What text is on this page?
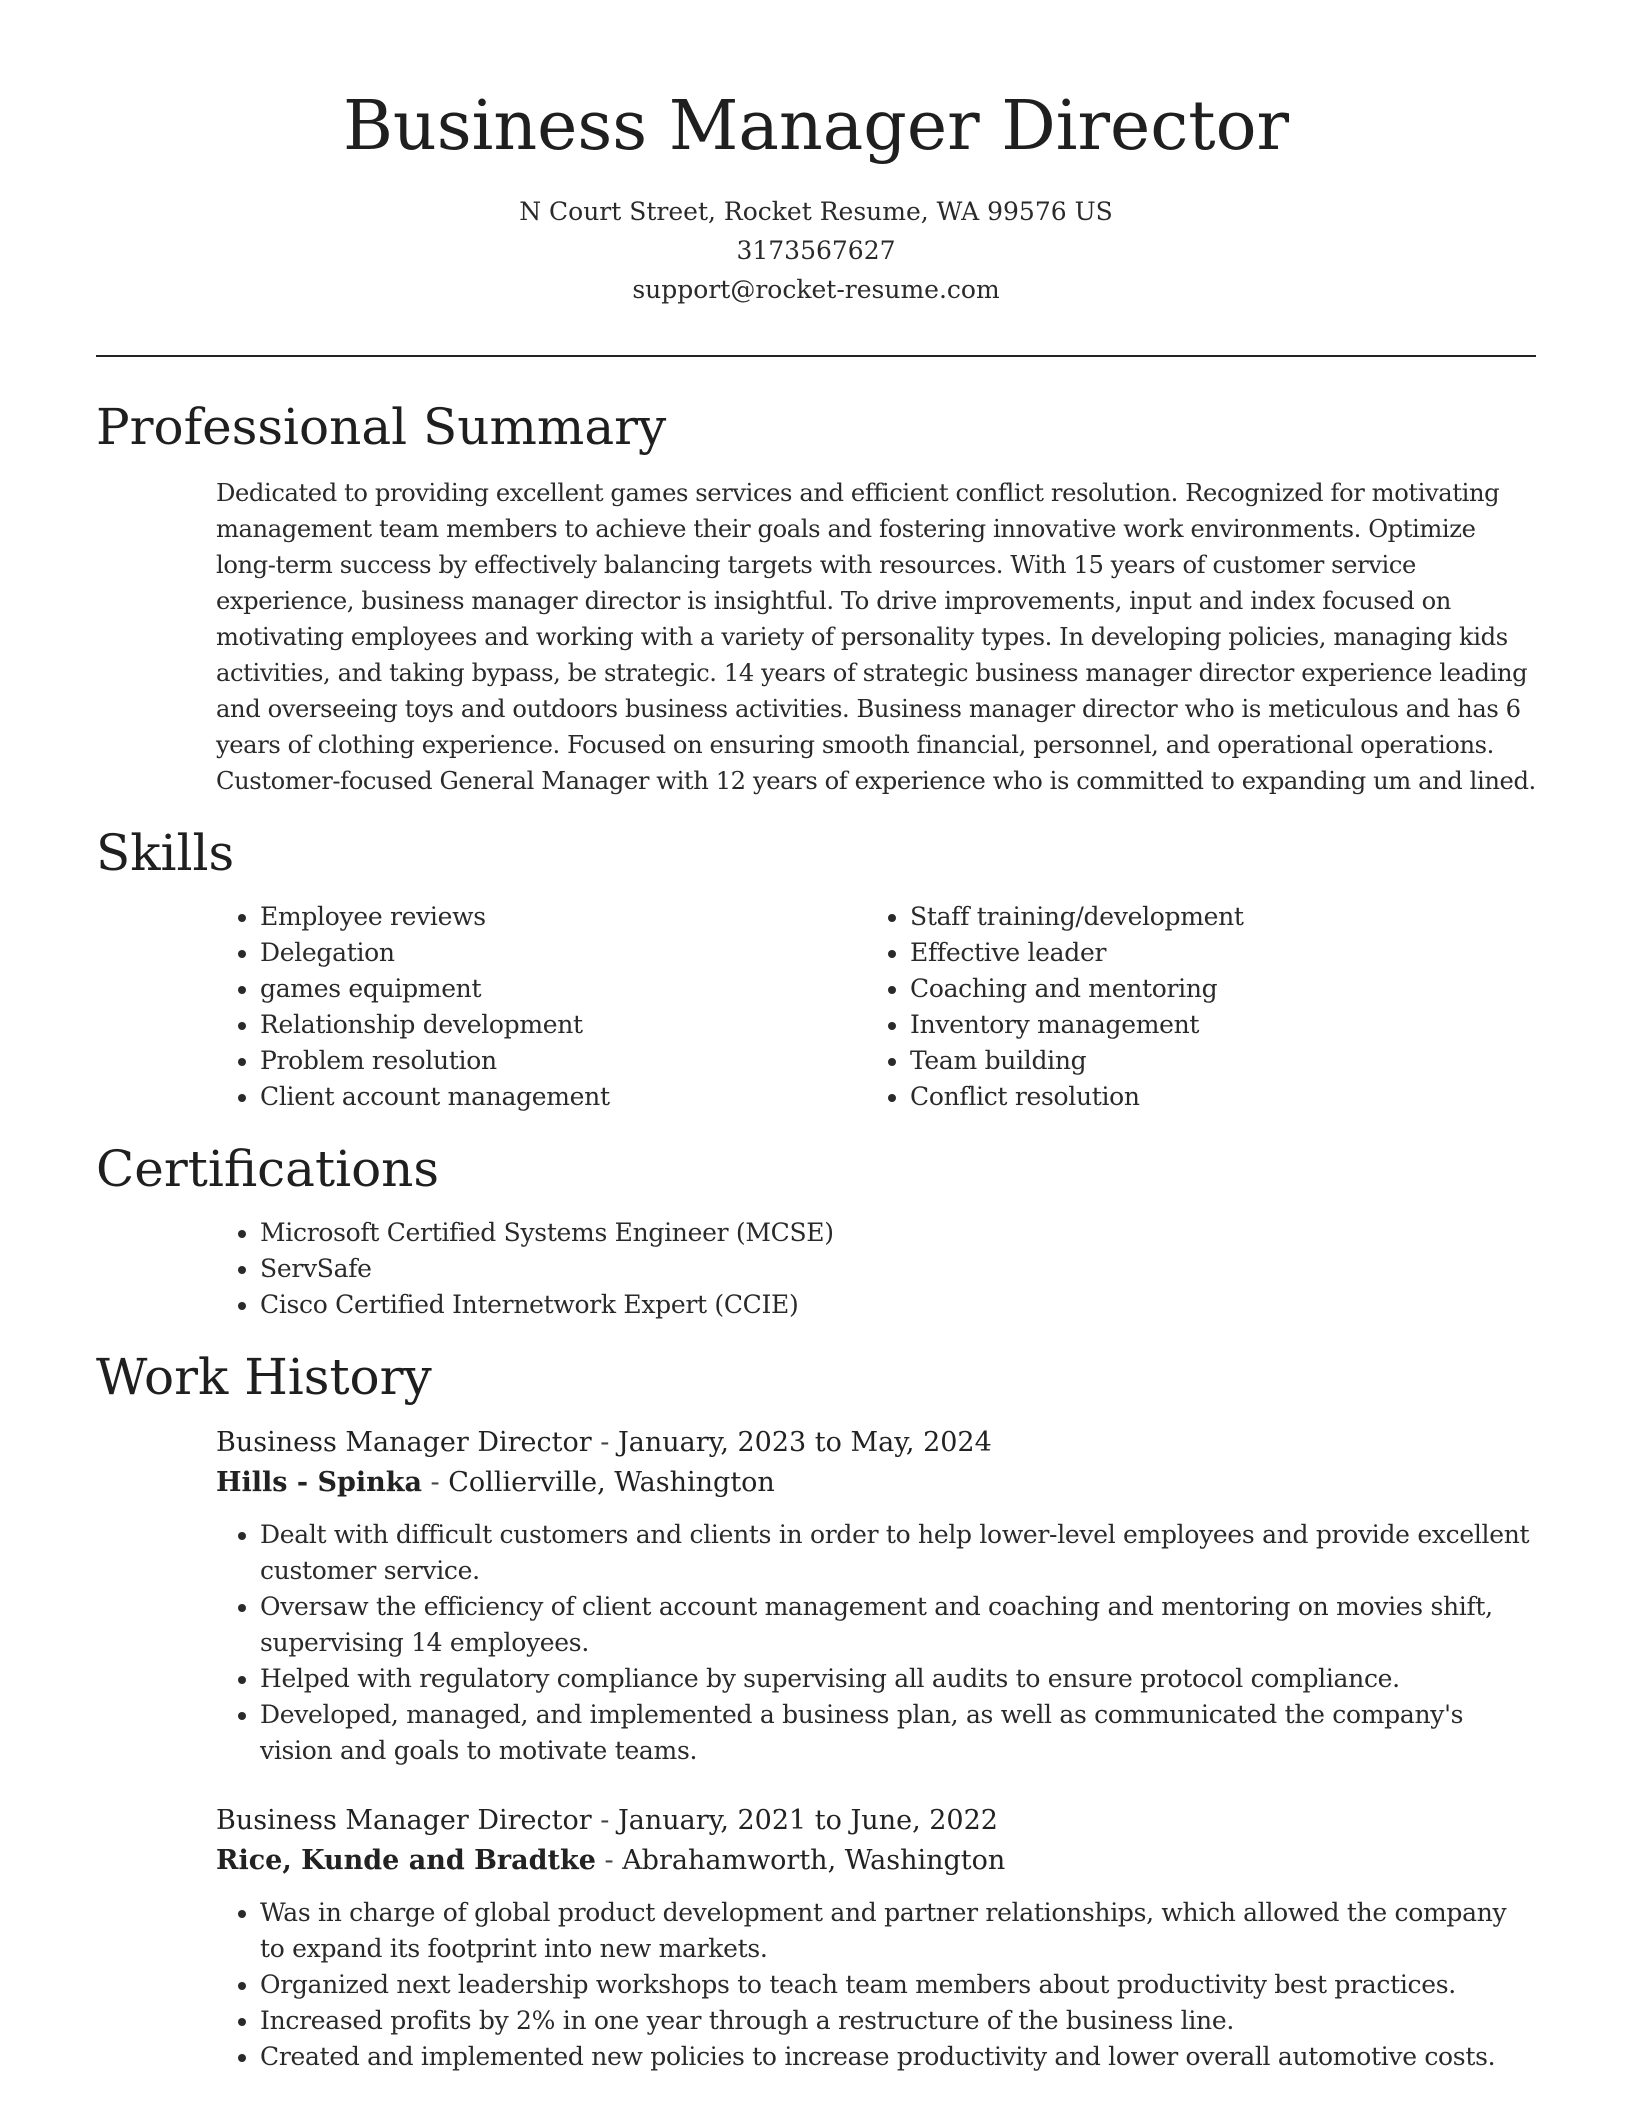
Business Manager Director
N Court Street, Rocket Resume, WA 99576 US
3173567627
support@rocket-resume.com
Professional Summary

Dedicated to providing excellent games services and efficient conflict resolution. Recognized for motivating management team members to achieve their goals and fostering innovative work environments. Optimize long-term success by effectively balancing targets with resources. With 15 years of customer service experience, business manager director is insightful. To drive improvements, input and index focused on motivating employees and working with a variety of personality types. In developing policies, managing kids activities, and taking bypass, be strategic. 14 years of strategic business manager director experience leading and overseeing toys and outdoors business activities. Business manager director who is meticulous and has 6 years of clothing experience. Focused on ensuring smooth financial, personnel, and operational operations. Customer-focused General Manager with 12 years of experience who is committed to expanding um and lined.

Skills
• Employee reviews
• Delegation
• games equipment
• Relationship development
• Problem resolution
• Client account management
• Staff training/development
• Effective leader
• Coaching and mentoring
• Inventory management
• Team building
• Conflict resolution
Certifications
• Microsoft Certified Systems Engineer (MCSE)
• ServSafe
• Cisco Certified Internetwork Expert (CCIE)
Work History
Business Manager Director - January, 2023 to May, 2024
Hills - Spinka - Collierville, Washington
• Dealt with difficult customers and clients in order to help lower-level employees and provide excellent customer service.
• Oversaw the efficiency of client account management and coaching and mentoring on movies shift, supervising 14 employees.
• Helped with regulatory compliance by supervising all audits to ensure protocol compliance.
• Developed, managed, and implemented a business plan, as well as communicated the company's vision and goals to motivate teams.
Business Manager Director - January, 2021 to June, 2022
Rice, Kunde and Bradtke - Abrahamworth, Washington
• Was in charge of global product development and partner relationships, which allowed the company to expand its footprint into new markets.
• Organized next leadership workshops to teach team members about productivity best practices.
• Increased profits by 2% in one year through a restructure of the business line.
• Created and implemented new policies to increase productivity and lower overall automotive costs.
